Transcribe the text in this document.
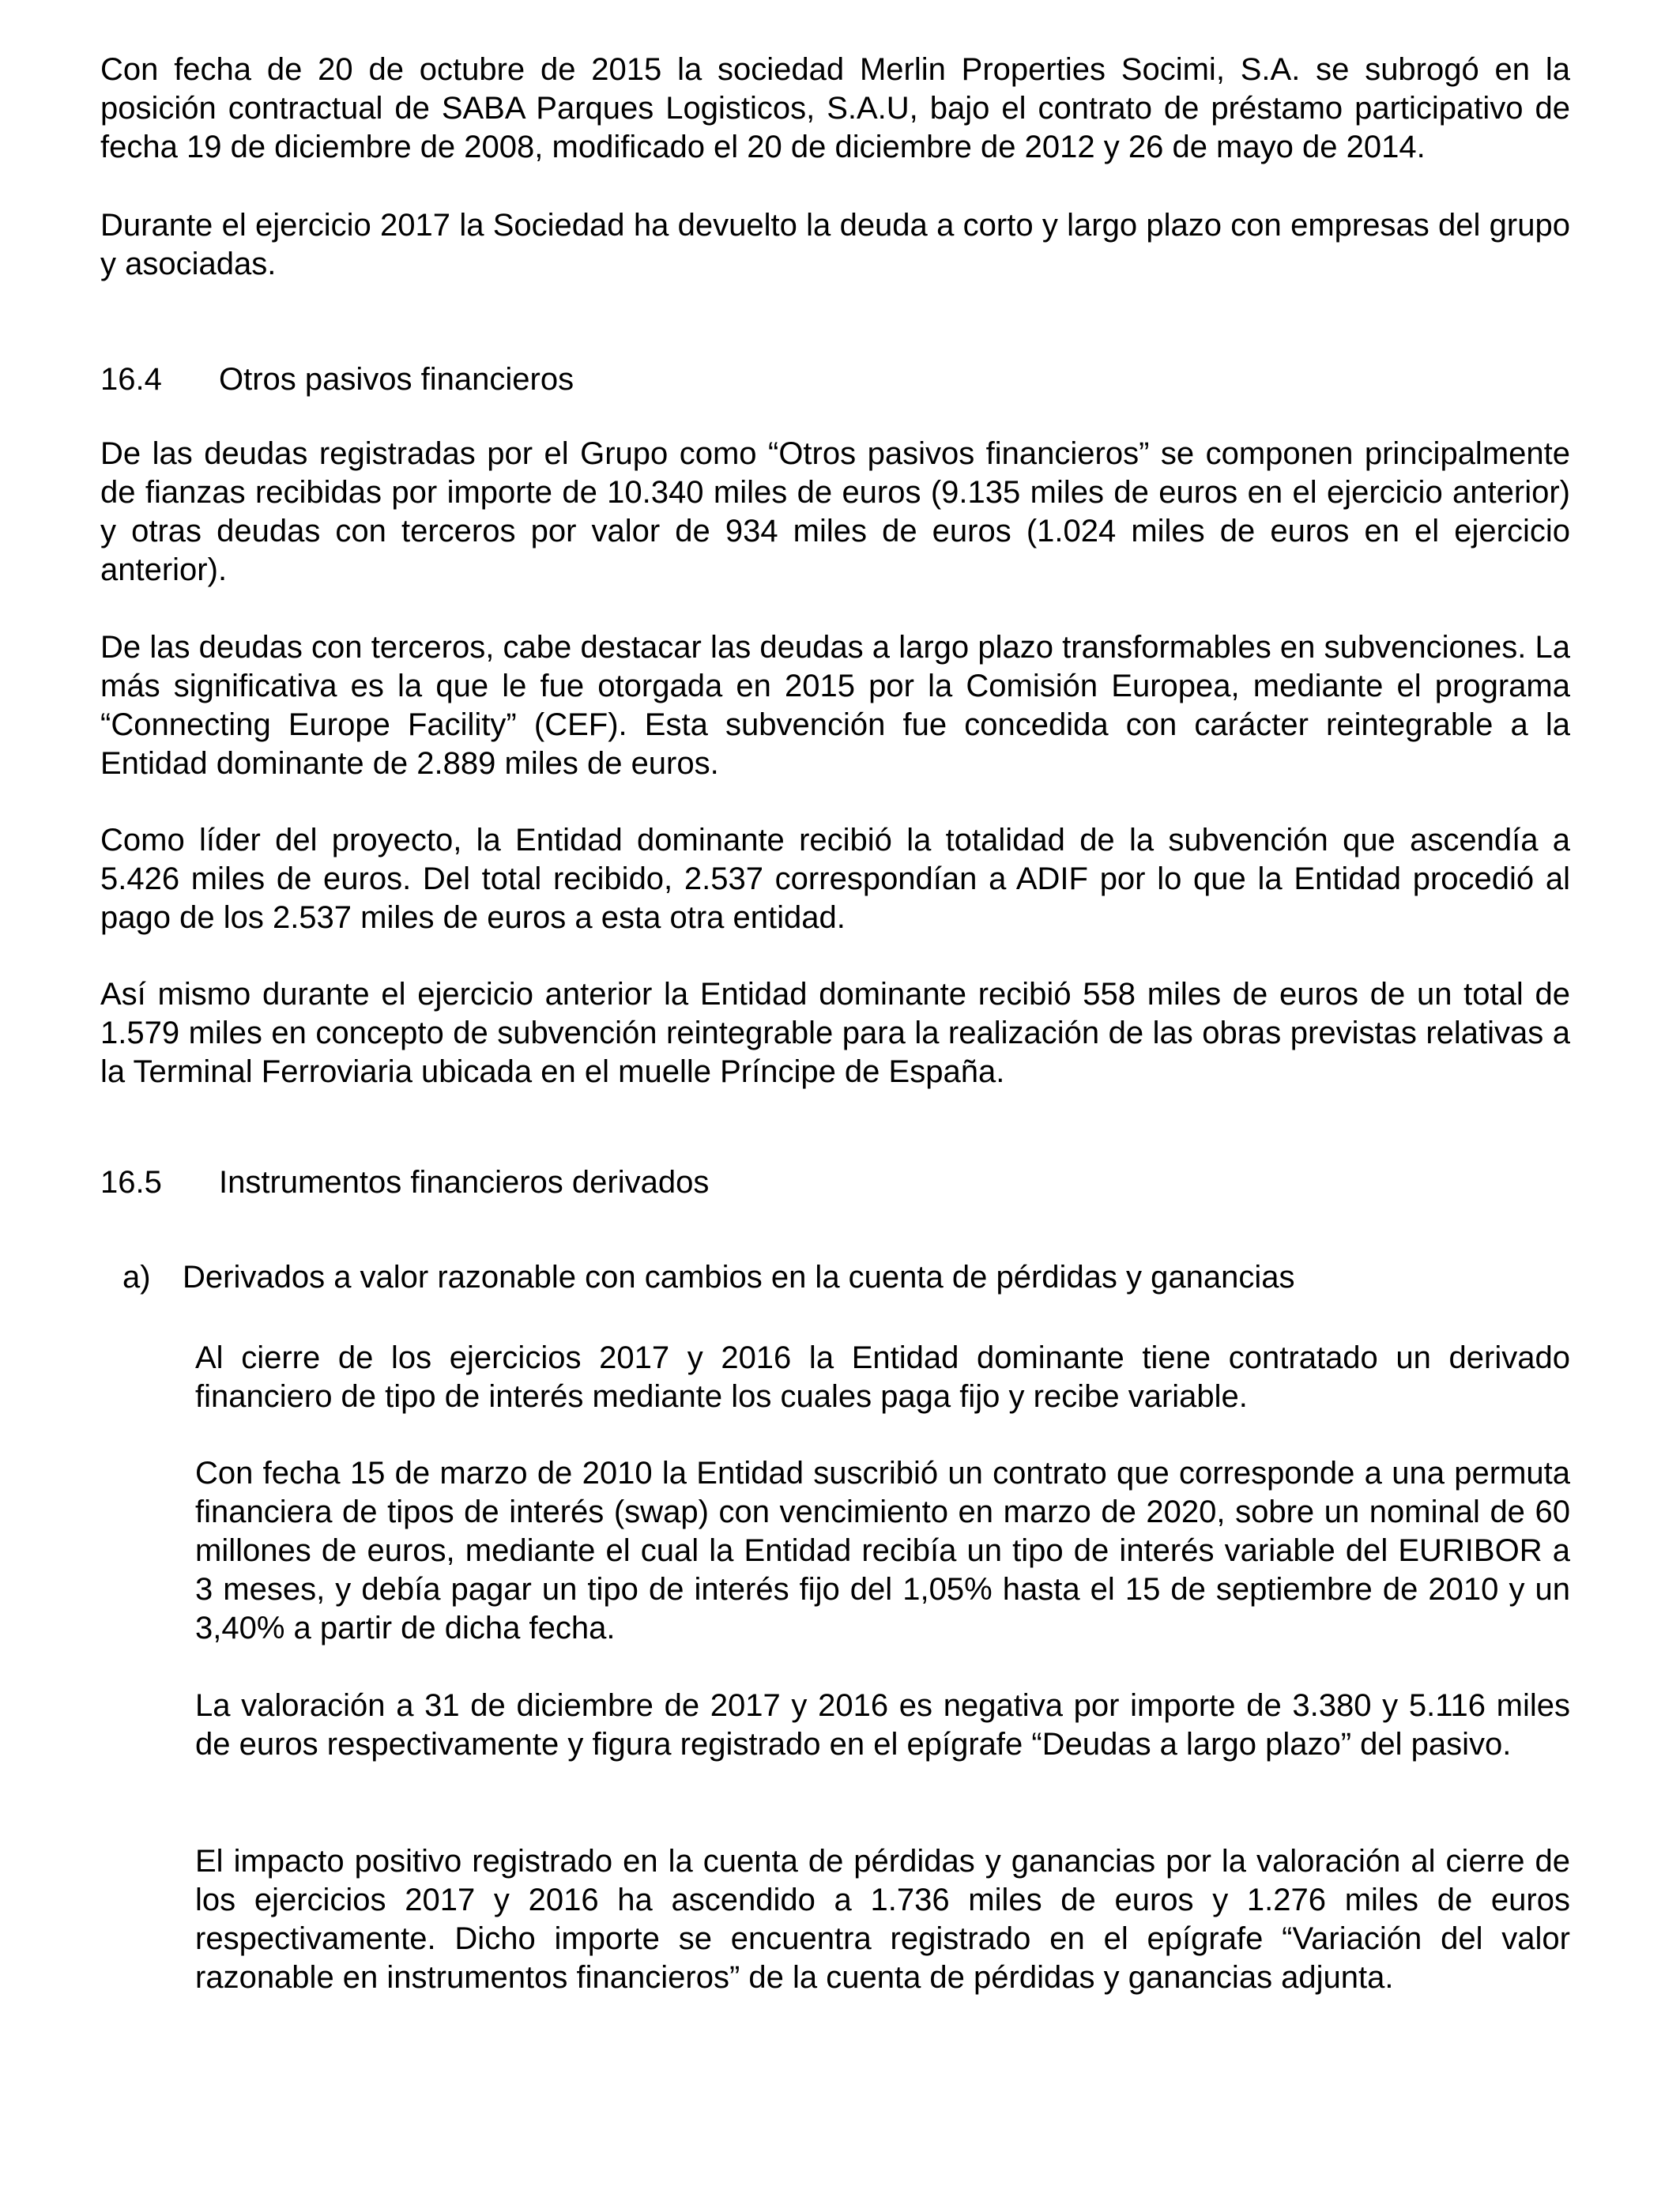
Con fecha de 20 de octubre de 2015 la sociedad Merlin Properties Socimi, S.A. se subrogó en la posición contractual de SABA Parques Logisticos, S.A.U, bajo el contrato de préstamo participativo de fecha 19 de diciembre de 2008, modificado el 20 de diciembre de 2012 y 26 de mayo de 2014.

Durante el ejercicio 2017 la Sociedad ha devuelto la deuda a corto y largo plazo con empresas del grupo y asociadas.

16.4 Otros pasivos financieros

De las deudas registradas por el Grupo como “Otros pasivos financieros” se componen principalmente de fianzas recibidas por importe de 10.340 miles de euros (9.135 miles de euros en el ejercicio anterior) y otras deudas con terceros por valor de 934 miles de euros (1.024 miles de euros en el ejercicio anterior).

De las deudas con terceros, cabe destacar las deudas a largo plazo transformables en subvenciones. La más significativa es la que le fue otorgada en 2015 por la Comisión Europea, mediante el programa “Connecting Europe Facility” (CEF). Esta subvención fue concedida con carácter reintegrable a la Entidad dominante de 2.889 miles de euros.

Como líder del proyecto, la Entidad dominante recibió la totalidad de la subvención que ascendía a 5.426 miles de euros. Del total recibido, 2.537 correspondían a ADIF por lo que la Entidad procedió al pago de los 2.537 miles de euros a esta otra entidad.

Así mismo durante el ejercicio anterior la Entidad dominante recibió 558 miles de euros de un total de 1.579 miles en concepto de subvención reintegrable para la realización de las obras previstas relativas a la Terminal Ferroviaria ubicada en el muelle Príncipe de España.

16.5 Instrumentos financieros derivados
a) Derivados a valor razonable con cambios en la cuenta de pérdidas y ganancias

Al cierre de los ejercicios 2017 y 2016 la Entidad dominante tiene contratado un derivado financiero de tipo de interés mediante los cuales paga fijo y recibe variable.

Con fecha 15 de marzo de 2010 la Entidad suscribió un contrato que corresponde a una permuta financiera de tipos de interés (swap) con vencimiento en marzo de 2020, sobre un nominal de 60 millones de euros, mediante el cual la Entidad recibía un tipo de interés variable del EURIBOR a 3 meses, y debía pagar un tipo de interés fijo del 1,05% hasta el 15 de septiembre de 2010 y un 3,40% a partir de dicha fecha.

La valoración a 31 de diciembre de 2017 y 2016 es negativa por importe de 3.380 y 5.116 miles de euros respectivamente y figura registrado en el epígrafe “Deudas a largo plazo” del pasivo.

El impacto positivo registrado en la cuenta de pérdidas y ganancias por la valoración al cierre de los ejercicios 2017 y 2016 ha ascendido a 1.736 miles de euros y 1.276 miles de euros respectivamente. Dicho importe se encuentra registrado en el epígrafe “Variación del valor razonable en instrumentos financieros” de la cuenta de pérdidas y ganancias adjunta.
